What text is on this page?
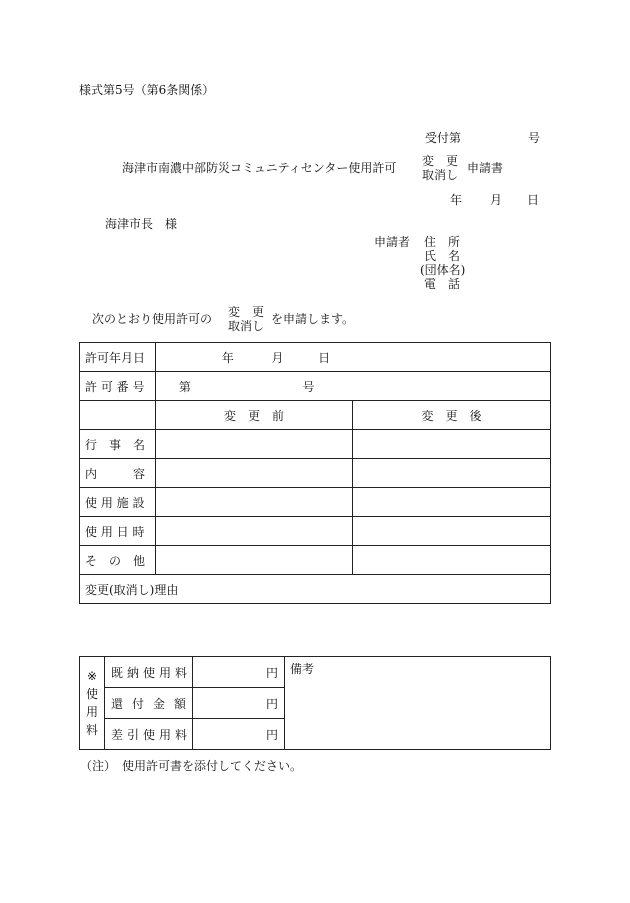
様式第5号（第6条関係）
受付第	号
海津市南濃中部防災コミュニティセンター使用許可 変　更
取消し 申請書
年 月 日
海津市長　様
申請者	住　所
氏　名
(団体名)
電　話
次のとおり使用許可の 変　更
取消し を申請します。
許可年月日	年 月 日	
許 可 番 号	第 号	
	変　更　前	変　更　後
行　事　名		
内　　　容		
使 用 施 設		
使 用 日 時		
そ　の　他		
変更(取消し)理由		
※
使
用
料	既納使用料	円	備考
	還付金額	円	
	差引使用料	円	
（注）　使用許可書を添付してください。
